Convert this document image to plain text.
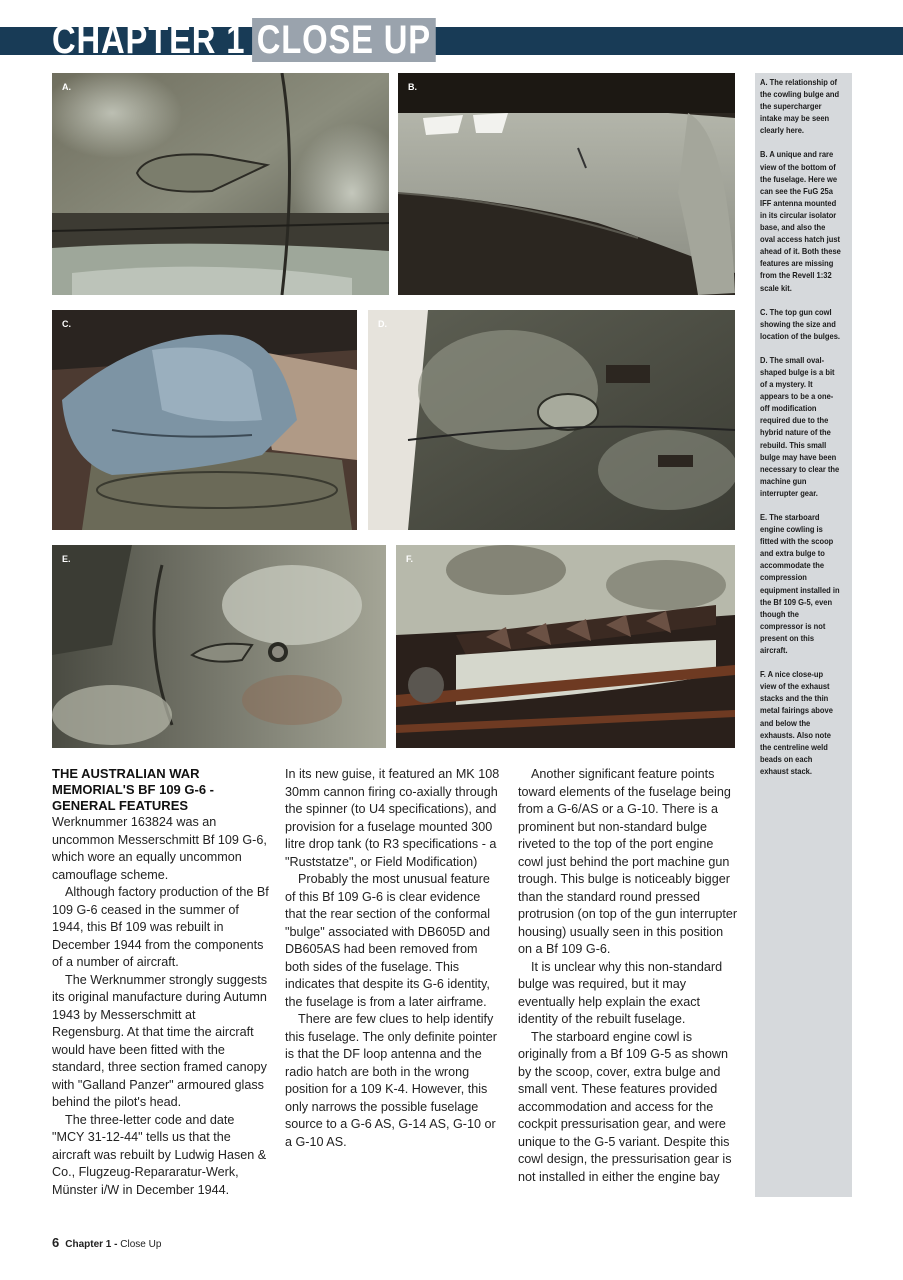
CHAPTER 1 CLOSE UP
A.	B.
C.	D.
E.	F.

A. The relationship of the cowling bulge and the supercharger intake may be seen clearly here.

B. A unique and rare view of the bottom of the fuselage. Here we can see the FuG 25a IFF antenna mounted in its circular isolator base, and also the oval access hatch just ahead of it. Both these features are missing from the Revell 1:32 scale kit.

C. The top gun cowl showing the size and location of the bulges.

D. The small oval-shaped bulge is a bit of a mystery. It appears to be a one-off modification required due to the hybrid nature of the rebuild. This small bulge may have been necessary to clear the machine gun interrupter gear.

E. The starboard engine cowling is fitted with the scoop and extra bulge to accommodate the compression equipment installed in the Bf 109 G-5, even though the compressor is not present on this aircraft.

F. A nice close-up view of the exhaust stacks and the thin metal fairings above and below the exhausts. Also note the centreline weld beads on each exhaust stack.

THE AUSTRALIAN WAR MEMORIAL'S BF 109 G-6 - GENERAL FEATURES

Werknummer 163824 was an uncommon Messerschmitt Bf 109 G-6, which wore an equally uncommon camouflage scheme.

Although factory production of the Bf 109 G-6 ceased in the summer of 1944, this Bf 109 was rebuilt in December 1944 from the components of a number of aircraft.

The Werknummer strongly suggests its original manufacture during Autumn 1943 by Messerschmitt at Regensburg. At that time the aircraft would have been fitted with the standard, three section framed canopy with "Galland Panzer" armoured glass behind the pilot's head.

The three-letter code and date "MCY 31-12-44" tells us that the aircraft was rebuilt by Ludwig Hasen & Co., Flugzeug-Repararatur-Werk, Münster i/W in December 1944.

In its new guise, it featured an MK 108 30mm cannon firing co-axially through the spinner (to U4 specifications), and provision for a fuselage mounted 300 litre drop tank (to R3 specifications - a "Ruststatze", or Field Modification)

Probably the most unusual feature of this Bf 109 G-6 is clear evidence that the rear section of the conformal "bulge" associated with DB605D and DB605AS had been removed from both sides of the fuselage. This indicates that despite its G-6 identity, the fuselage is from a later airframe.

There are few clues to help identify this fuselage. The only definite pointer is that the DF loop antenna and the radio hatch are both in the wrong position for a 109 K-4. However, this only narrows the possible fuselage source to a G-6 AS, G-14 AS, G-10 or a G-10 AS.

Another significant feature points toward elements of the fuselage being from a G-6/AS or a G-10. There is a prominent but non-standard bulge riveted to the top of the port engine cowl just behind the port machine gun trough. This bulge is noticeably bigger than the standard round pressed protrusion (on top of the gun interrupter housing) usually seen in this position on a Bf 109 G-6.

It is unclear why this non-standard bulge was required, but it may eventually help explain the exact identity of the rebuilt fuselage.

The starboard engine cowl is originally from a Bf 109 G-5 as shown by the scoop, cover, extra bulge and small vent. These features provided accommodation and access for the cockpit pressurisation gear, and were unique to the G-5 variant. Despite this cowl design, the pressurisation gear is not installed in either the engine bay

6 Chapter 1 - Close Up
